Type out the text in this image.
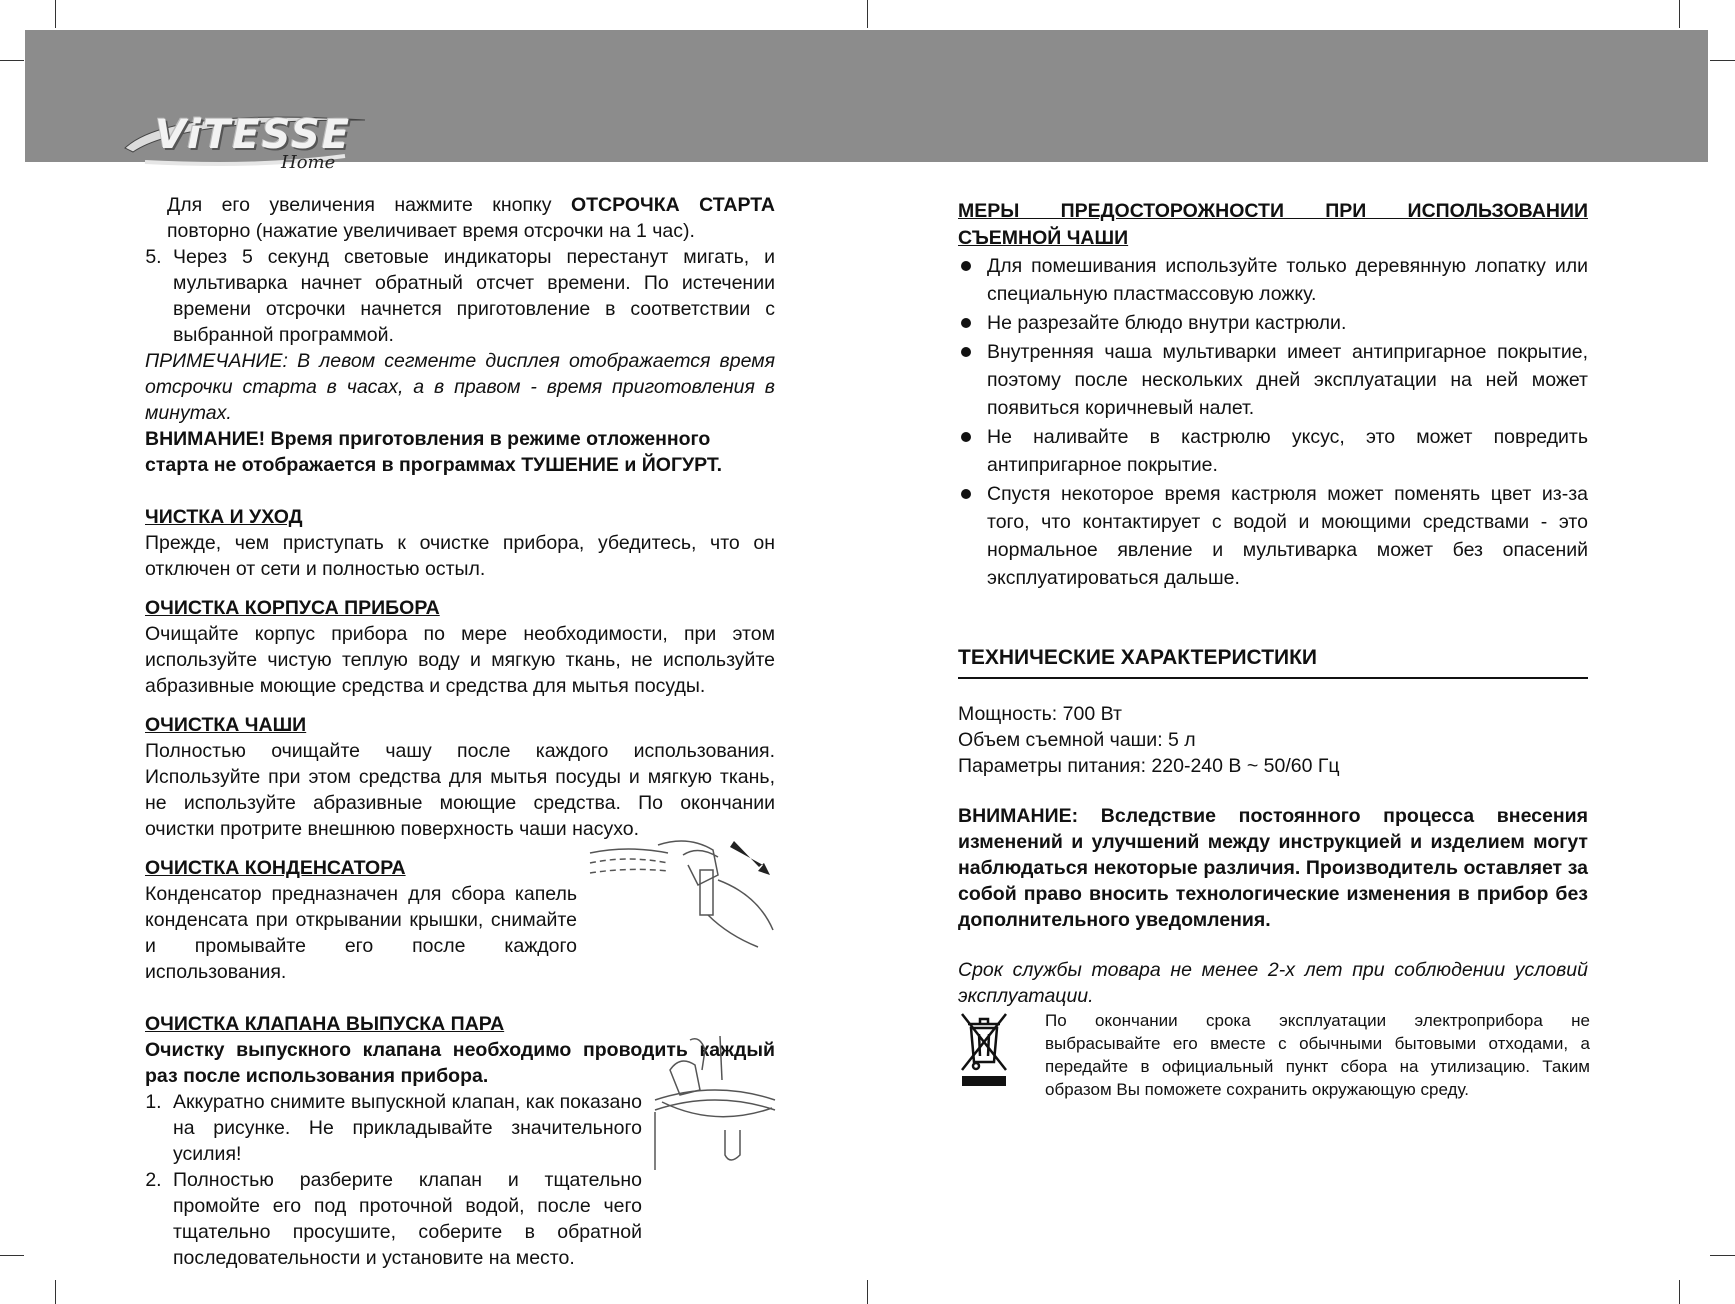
ViTESSE
Home

Для его увеличения нажмите кнопку ОТСРОЧКА СТАРТА повторно (нажатие увеличивает время отсрочки на 1 час).

5. Через 5 секунд световые индикаторы перестанут мигать, и мультиварка начнет обратный отсчет времени. По истечении времени отсрочки начнется приготовление в соответствии с выбранной программой.

ПРИМЕЧАНИЕ: В левом сегменте дисплея отображается время отсрочки старта в часах, а в правом - время приготовления в минутах.

ВНИМАНИЕ! Время приготовления в режиме отложенного старта не отображается в программах ТУШЕНИЕ и ЙОГУРТ.

ЧИСТКА И УХОД

Прежде, чем приступать к очистке прибора, убедитесь, что он отключен от сети и полностью остыл.

ОЧИСТКА КОРПУСА ПРИБОРА

Очищайте корпус прибора по мере необходимости, при этом используйте чистую теплую воду и мягкую ткань, не используйте абразивные моющие средства и средства для мытья посуды.

ОЧИСТКА ЧАШИ

Полностью очищайте чашу после каждого использования. Используйте при этом средства для мытья посуды и мягкую ткань, не используйте абразивные моющие средства. По окончании очистки протрите внешнюю поверхность чаши насухо.

ОЧИСТКА КОНДЕНСАТОРА

Конденсатор предназначен для сбора капель конденсата при открывании крышки, снимайте и промывайте его после каждого использования.

ОЧИСТКА КЛАПАНА ВЫПУСКА ПАРА

Очистку выпускного клапана необходимо проводить каждый раз после использования прибора.

1. Аккуратно снимите выпускной клапан, как показано на рисунке. Не прикладывайте значительного усилия!
2. Полностью разберите клапан и тщательно промойте его под проточной водой, после чего тщательно просушите, соберите в обратной последовательности и установите на место.

МЕРЫ ПРЕДОСТОРОЖНОСТИ ПРИ ИСПОЛЬЗОВАНИИ СЪЕМНОЙ ЧАШИ

Для помешивания используйте только деревянную лопатку или специальную пластмассовую ложку.
Не разрезайте блюдо внутри кастрюли.
Внутренняя чаша мультиварки имеет антипригарное покрытие, поэтому после нескольких дней эксплуатации на ней может появиться коричневый налет.
Не наливайте в кастрюлю уксус, это может повредить антипригарное покрытие.
Спустя некоторое время кастрюля может поменять цвет из-за того, что контактирует с водой и моющими средствами - это нормальное явление и мультиварка может без опасений эксплуатироваться дальше.
ТЕХНИЧЕСКИЕ ХАРАКТЕРИСТИКИ

Мощность: 700 Вт

Объем съемной чаши: 5 л

Параметры питания: 220-240 В ~ 50/60 Гц

ВНИМАНИЕ: Вследствие постоянного процесса внесения изменений и улучшений между инструкцией и изделием могут наблюдаться некоторые различия. Производитель оставляет за собой право вносить технологические изменения в прибор без дополнительного уведомления.

Срок службы товара не менее 2-х лет при соблюдении условий эксплуатации.

По окончании срока эксплуатации электроприбора не выбрасывайте его вместе с обычными бытовыми отходами, а передайте в официальный пункт сбора на утилизацию. Таким образом Вы поможете сохранить окружающую среду.
